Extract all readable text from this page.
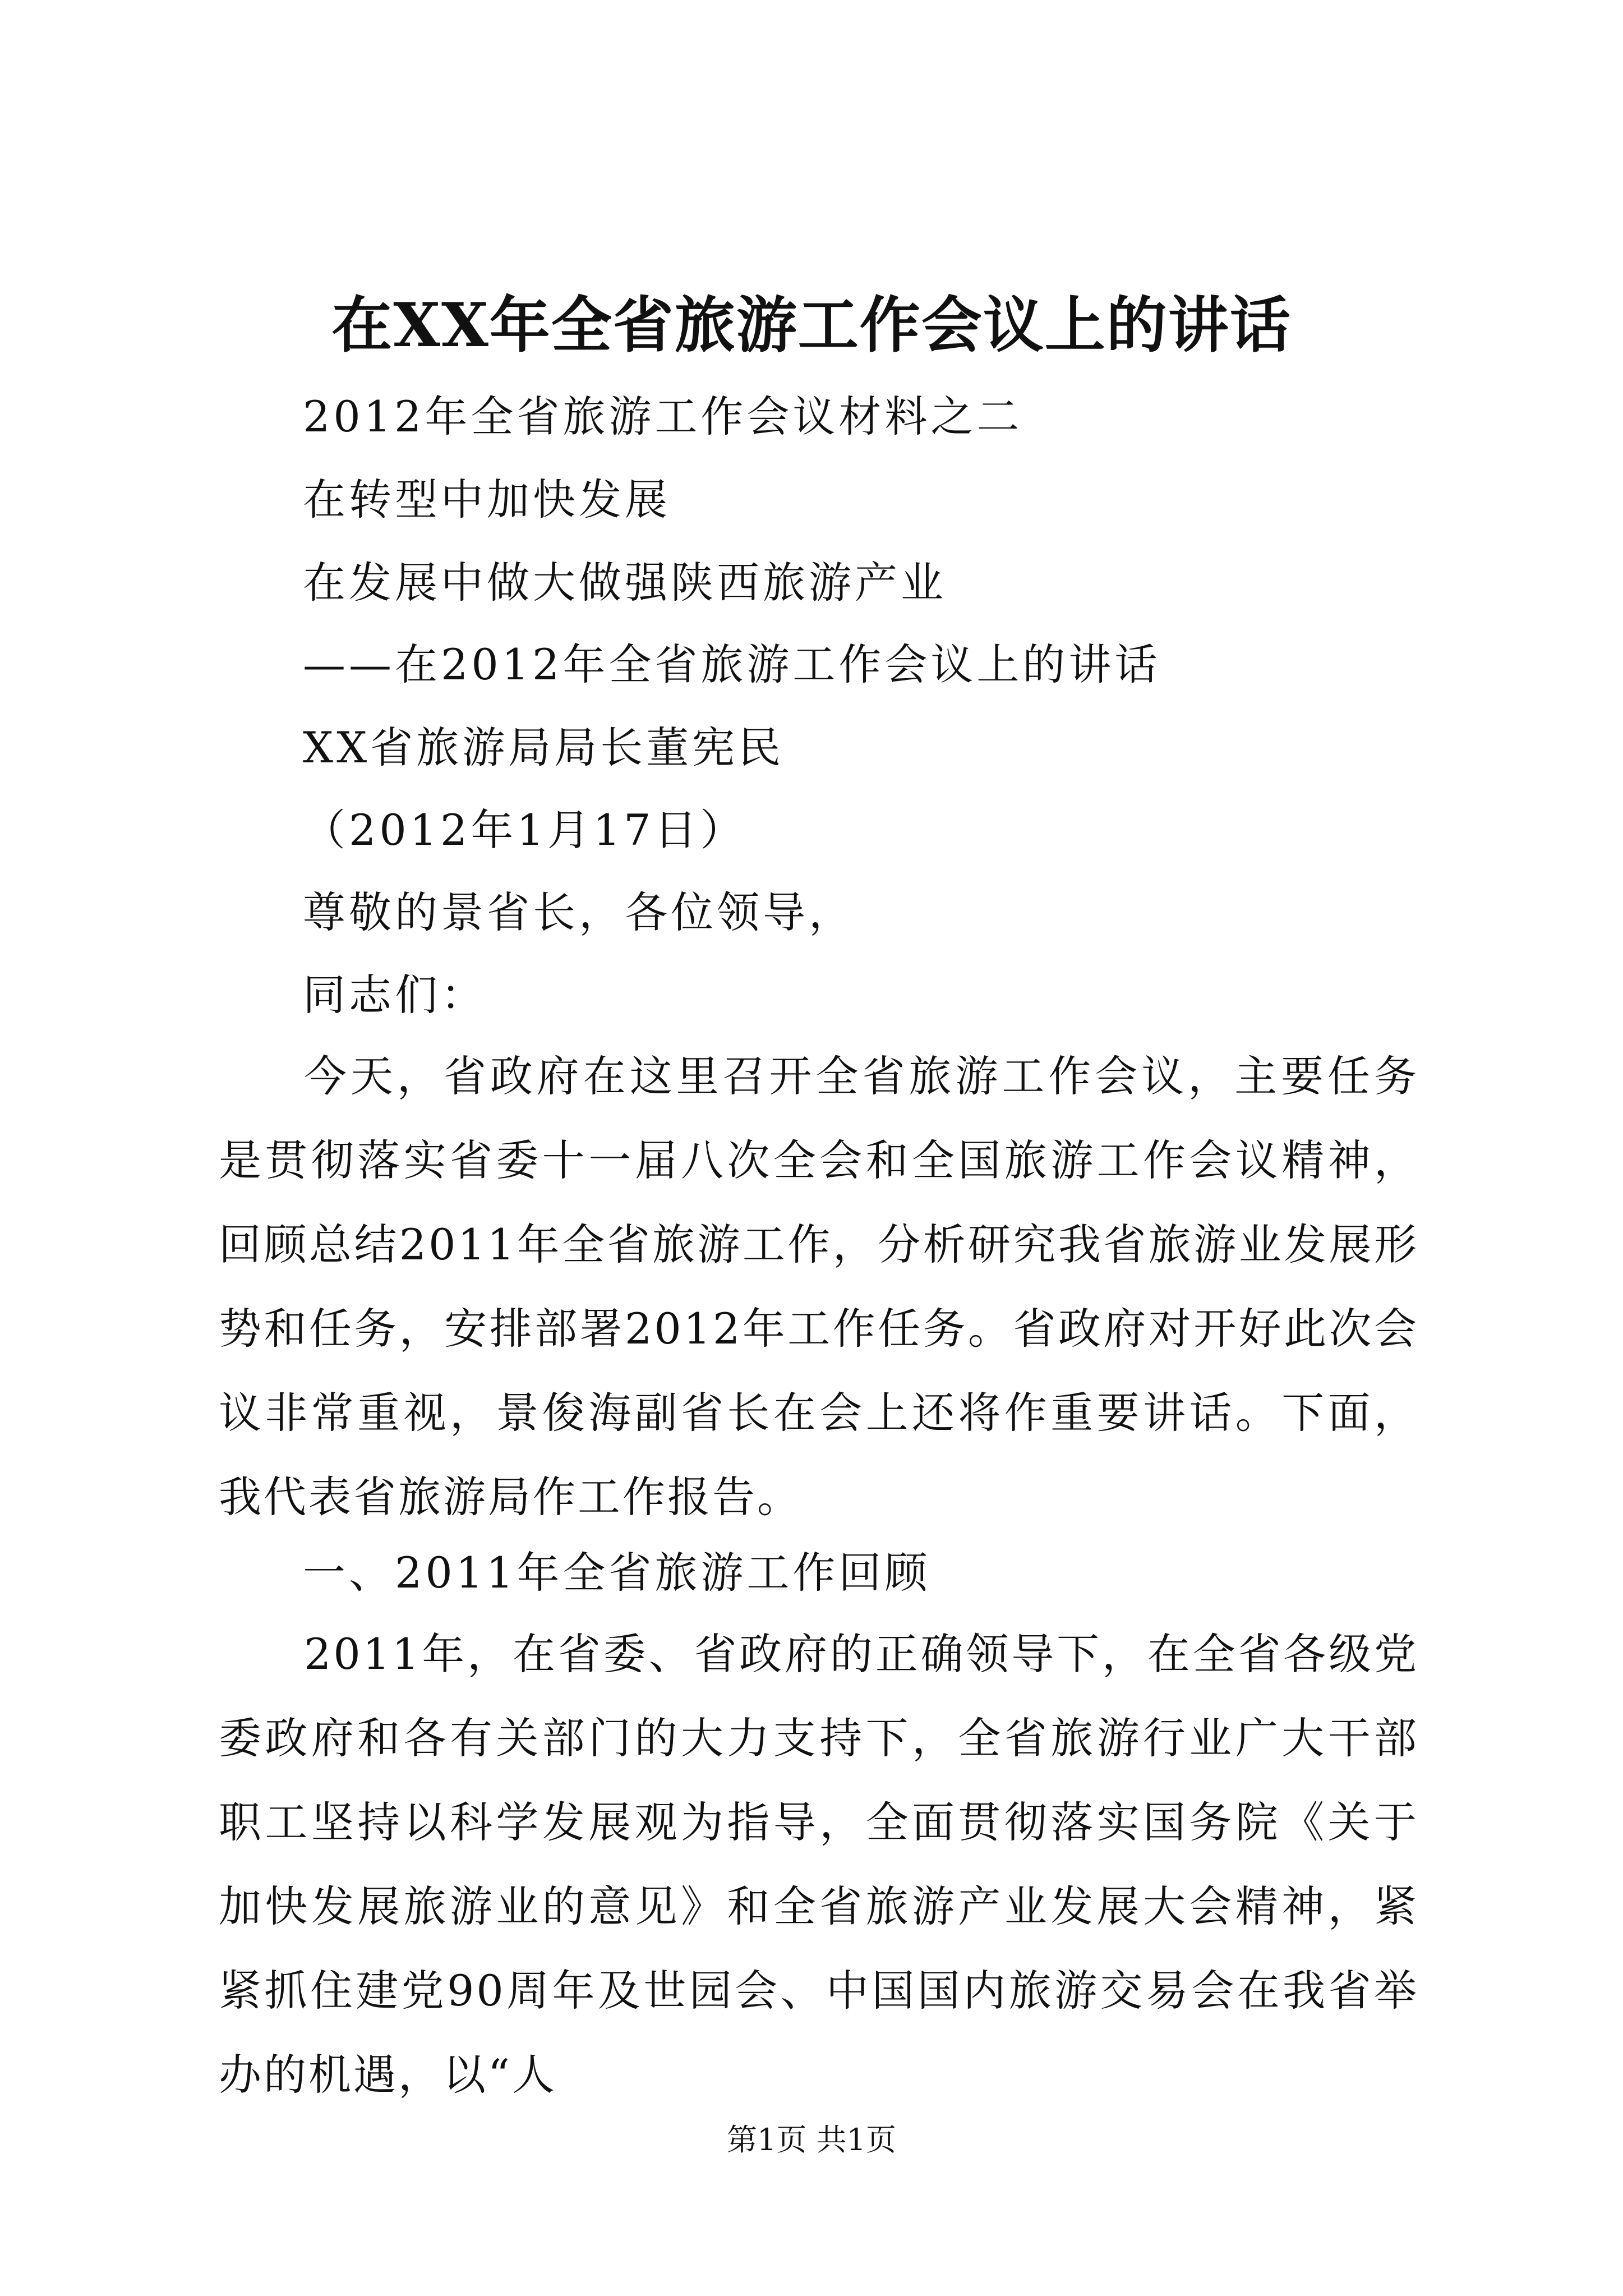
在XX年全省旅游工作会议上的讲话
2012年全省旅游工作会议材料之二
在转型中加快发展
在发展中做大做强陕西旅游产业
——在2012年全省旅游工作会议上的讲话
XX省旅游局局长董宪民
（2012年1月17日）
尊敬的景省长，各位领导，
同志们：
今天，省政府在这里召开全省旅游工作会议，主要任务是贯彻落实省委十一届八次全会和全国旅游工作会议精神，回顾总结2011年全省旅游工作，分析研究我省旅游业发展形势和任务，安排部署2012年工作任务。省政府对开好此次会议非常重视，景俊海副省长在会上还将作重要讲话。下面，我代表省旅游局作工作报告。
一、2011年全省旅游工作回顾
2011年，在省委、省政府的正确领导下，在全省各级党委政府和各有关部门的大力支持下，全省旅游行业广大干部职工坚持以科学发展观为指导，全面贯彻落实国务院《关于加快发展旅游业的意见》和全省旅游产业发展大会精神，紧紧抓住建党90周年及世园会、中国国内旅游交易会在我省举办的机遇，以“人
第1页 共1页
